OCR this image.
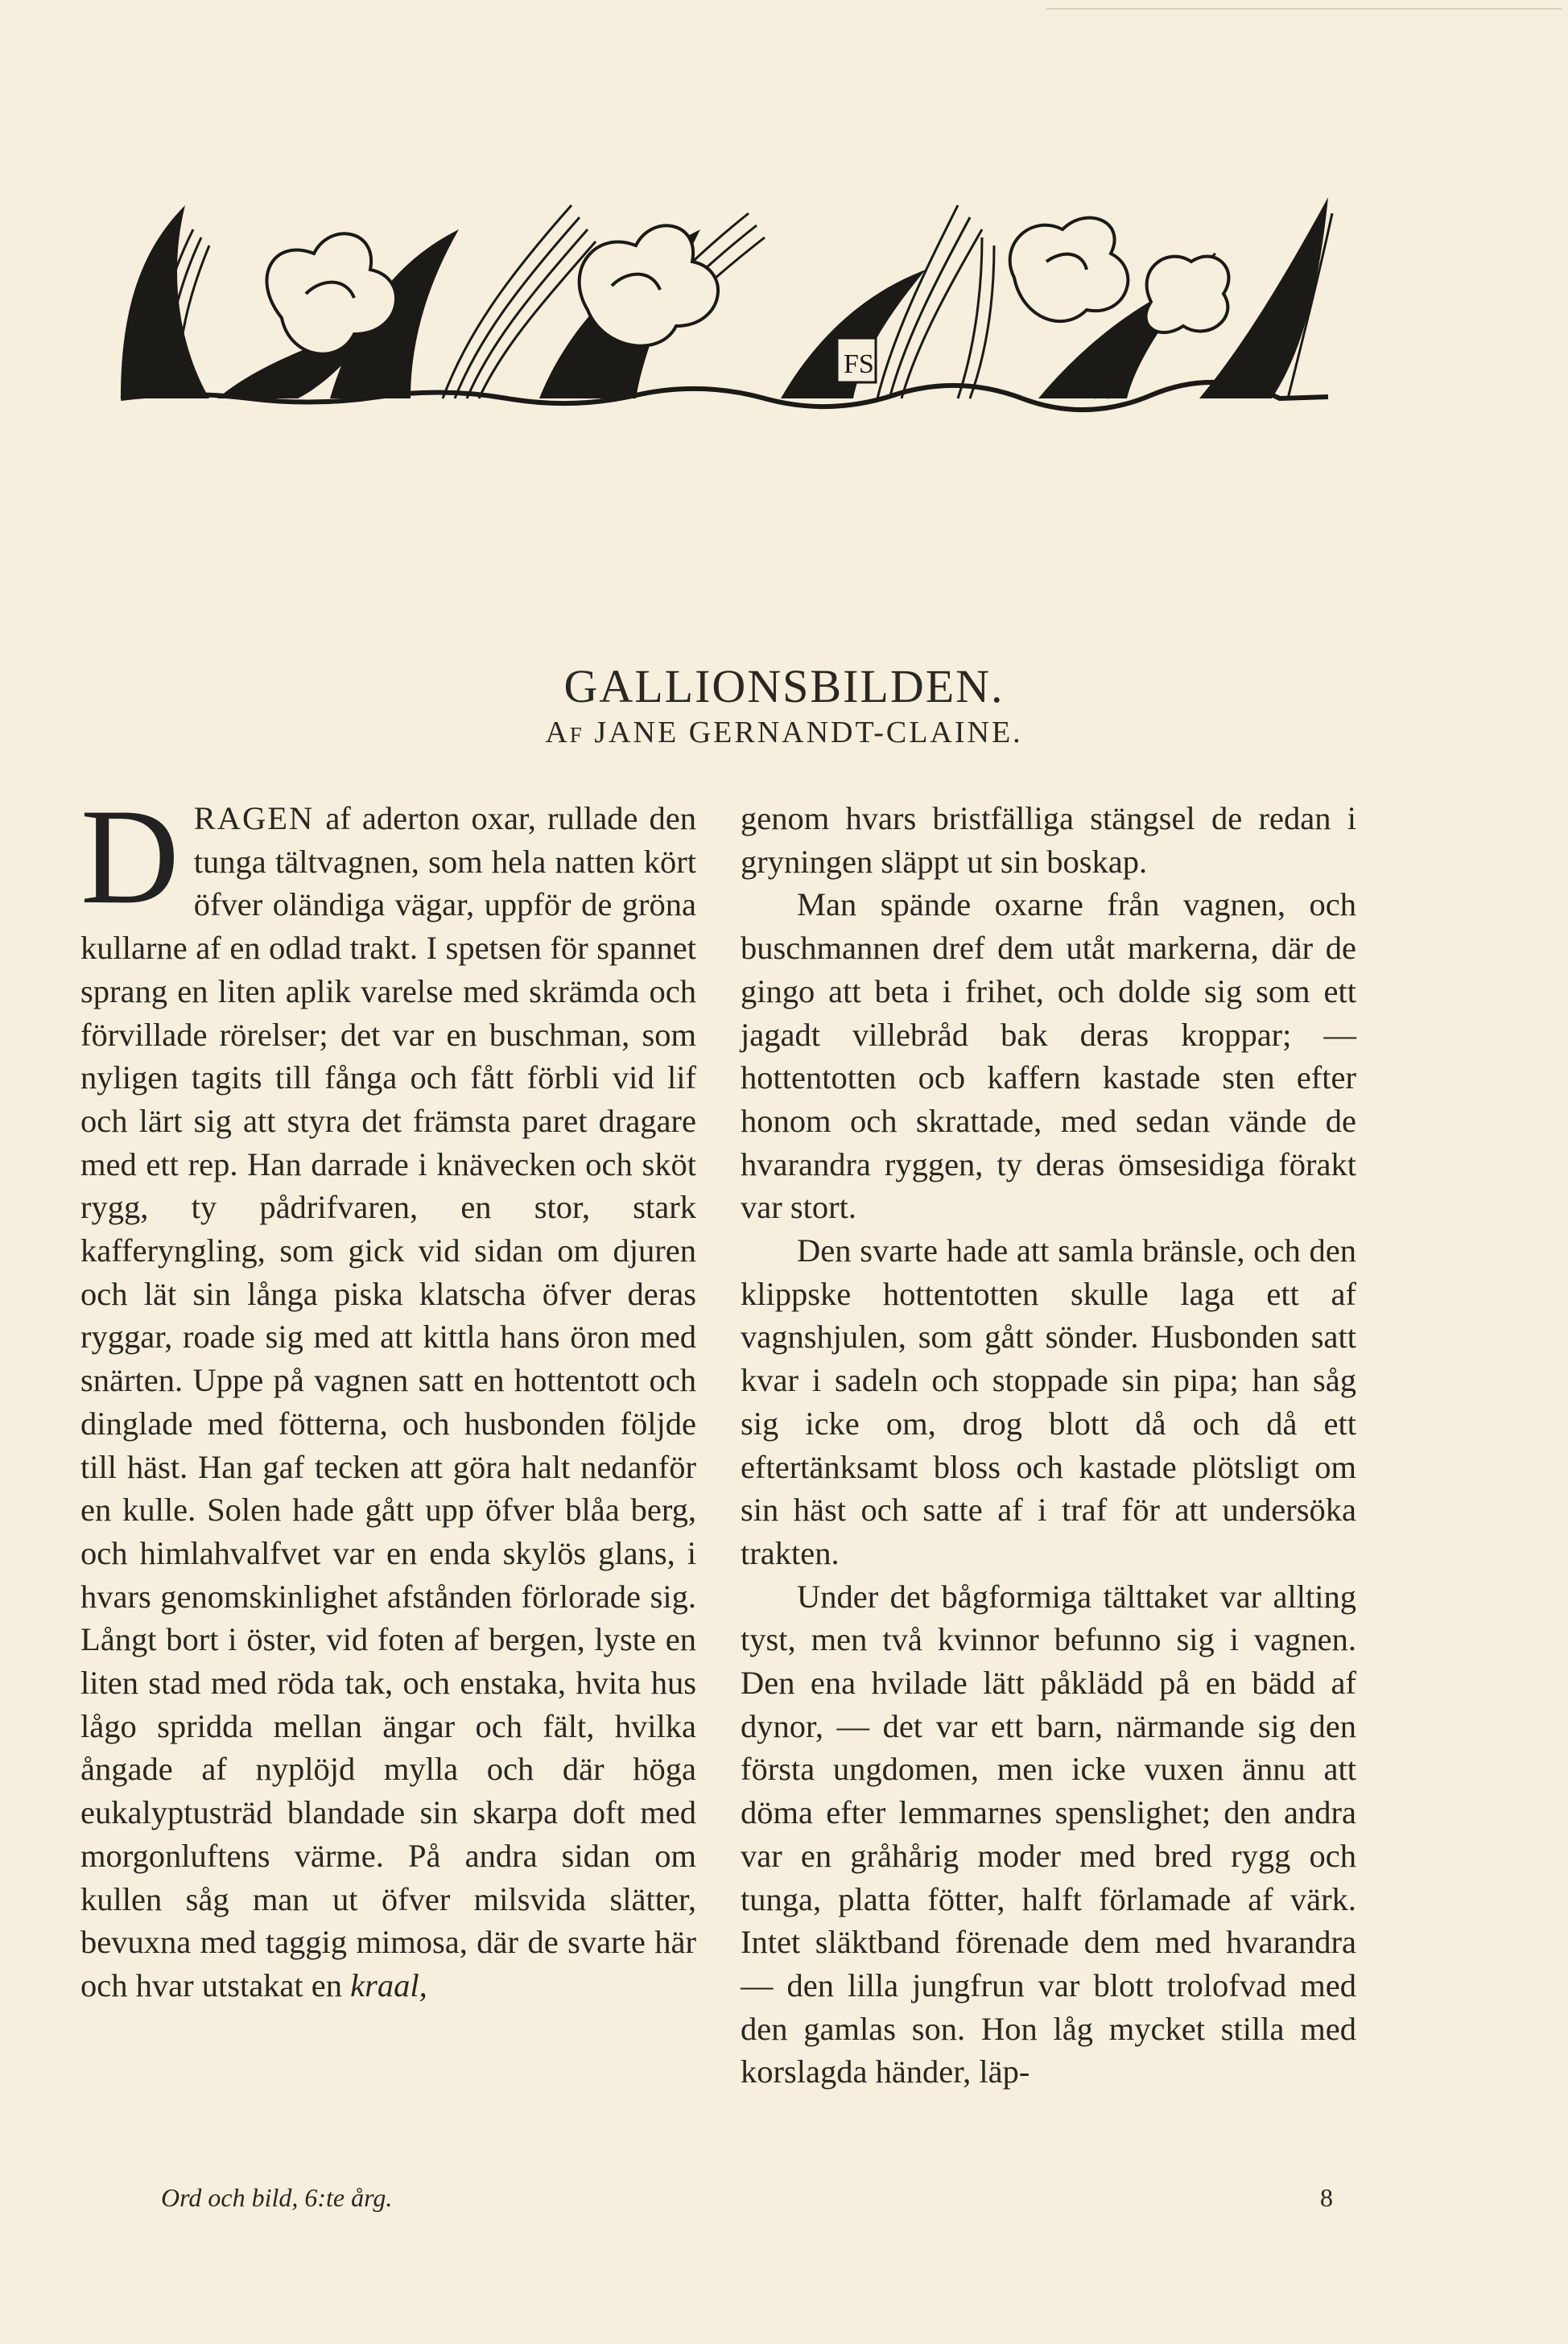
FS
GALLIONSBILDEN.
Af JANE GERNANDT-CLAINE.

DRAGEN af aderton oxar, rullade den tunga tältvagnen, som hela natten kört öfver oländiga vägar, uppför de gröna kullarne af en odlad trakt. I spetsen för spannet sprang en liten aplik varelse med skrämda och förvillade rörelser; det var en buschman, som nyligen tagits till fånga och fått förbli vid lif och lärt sig att styra det främsta paret dragare med ett rep. Han darrade i knävecken och sköt rygg, ty pådrifvaren, en stor, stark kafferyngling, som gick vid sidan om djuren och lät sin långa piska klatscha öfver deras ryggar, roade sig med att kittla hans öron med snärten. Uppe på vagnen satt en hottentott och dinglade med fötterna, och husbonden följde till häst. Han gaf tecken att göra halt nedanför en kulle. Solen hade gått upp öfver blåa berg, och himlahvalfvet var en enda skylös glans, i hvars genomskinlighet afstånden förlorade sig. Långt bort i öster, vid foten af bergen, lyste en liten stad med röda tak, och enstaka, hvita hus lågo spridda mellan ängar och fält, hvilka ångade af nyplöjd mylla och där höga eukalyptusträd blandade sin skarpa doft med morgonluftens värme. På andra sidan om kullen såg man ut öfver milsvida slätter, bevuxna med taggig mimosa, där de svarte här och hvar utstakat en kraal,

genom hvars bristfälliga stängsel de redan i gryningen släppt ut sin boskap.

Man spände oxarne från vagnen, och buschmannen dref dem utåt markerna, där de gingo att beta i frihet, och dolde sig som ett jagadt villebråd bak deras kroppar; — hottentotten ocb kaffern kastade sten efter honom och skrattade, med sedan vände de hvarandra ryggen, ty deras ömsesidiga förakt var stort.

Den svarte hade att samla bränsle, och den klippske hottentotten skulle laga ett af vagnshjulen, som gått sönder. Husbonden satt kvar i sadeln och stoppade sin pipa; han såg sig icke om, drog blott då och då ett eftertänksamt bloss och kastade plötsligt om sin häst och satte af i traf för att undersöka trakten.

Under det bågformiga tälttaket var allting tyst, men två kvinnor befunno sig i vagnen. Den ena hvilade lätt påklädd på en bädd af dynor, — det var ett barn, närmande sig den första ungdomen, men icke vuxen ännu att döma efter lemmarnes spenslighet; den andra var en gråhårig moder med bred rygg och tunga, platta fötter, halft förlamade af värk. Intet släktband förenade dem med hvarandra — den lilla jungfrun var blott trolofvad med den gamlas son. Hon låg mycket stilla med korslagda händer, läp-

Ord och bild, 6:te årg.	8
